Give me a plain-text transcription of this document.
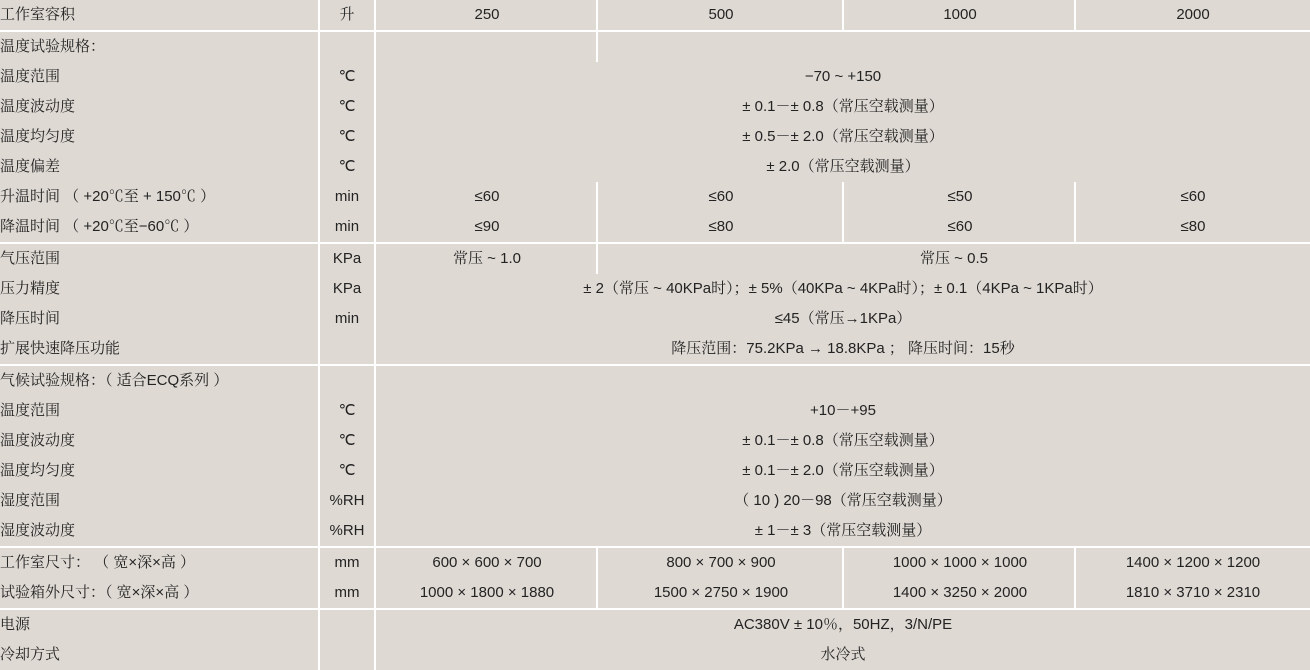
工作室容积	升	250	500	1000	2000
温度试验规格：					
温度范围	℃	−70 ~ +150			
温度波动度	℃	± 0.1－± 0.8（常压空载测量）			
温度均匀度	℃	± 0.5－± 2.0（常压空载测量）			
温度偏差	℃	± 2.0（常压空载测量）			
升温时间 （ +20℃至 + 150℃ ）	min	≤60	≤60	≤50	≤60
降温时间 （ +20℃至−60℃ ）	min	≤90	≤80	≤60	≤80
气压范围	KPa	常压 ~ 1.0	常压 ~ 0.5		
压力精度	KPa	± 2（常压 ~ 40KPa时）；± 5%（40KPa ~ 4KPa时）；± 0.1（4KPa ~ 1KPa时）			
降压时间	min	≤45（常压→1KPa）			
扩展快速降压功能		降压范围：75.2KPa → 18.8KPa ； 降压时间：15秒			
气候试验规格：（ 适合ECQ系列 ）					
温度范围	℃	+10－+95			
温度波动度	℃	± 0.1－± 0.8（常压空载测量）			
温度均匀度	℃	± 0.1－± 2.0（常压空载测量）			
湿度范围	%RH	（ 10 ) 20－98（常压空载测量）			
湿度波动度	%RH	± 1－± 3（常压空载测量）			
工作室尺寸： （ 宽×深×高 ）	mm	600 × 600 × 700	800 × 700 × 900	1000 × 1000 × 1000	1400 × 1200 × 1200
试验箱外尺寸：（ 宽×深×高 ）	mm	1000 × 1800 × 1880	1500 × 2750 × 1900	1400 × 3250 × 2000	1810 × 3710 × 2310
电源		AC380V ± 10％，50HZ，3/N/PE			
冷却方式		水冷式			
